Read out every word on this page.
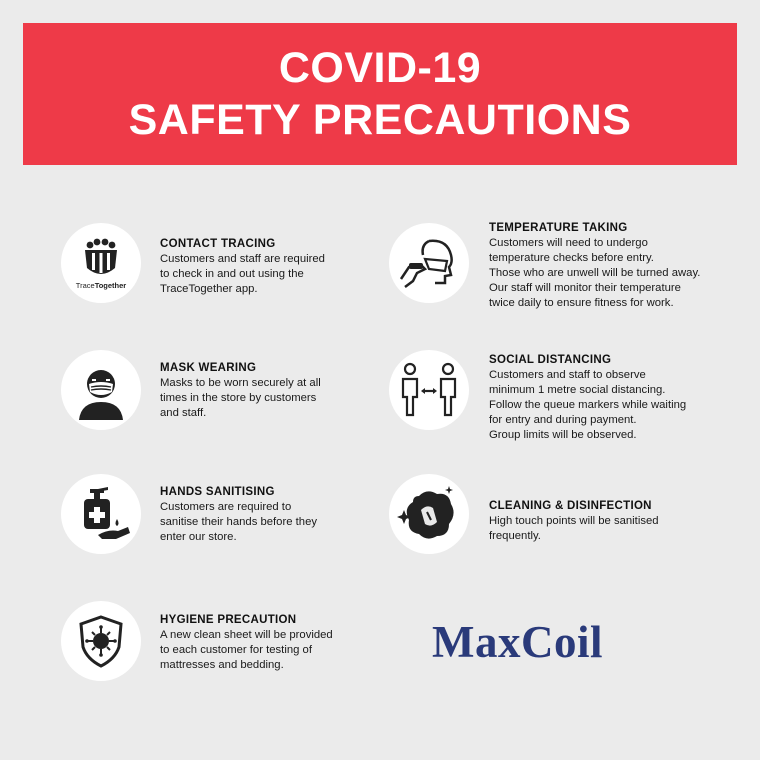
COVID-19
SAFETY PRECAUTIONS
TraceTogether
CONTACT TRACING
Customers and staff are required
to check in and out using the
TraceTogether app.
MASK WEARING
Masks to be worn securely at all
times in the store by customers
and staff.
HANDS SANITISING
Customers are required to
sanitise their hands before they
enter our store.
HYGIENE PRECAUTION
A new clean sheet will be provided
to each customer for testing of
mattresses and bedding.
TEMPERATURE TAKING
Customers will need to undergo
temperature checks before entry.
Those who are unwell will be turned away.
Our staff will monitor their temperature
twice daily to ensure fitness for work.
SOCIAL DISTANCING
Customers and staff to observe
minimum 1 metre social distancing.
Follow the queue markers while waiting
for entry and during payment.
Group limits will be observed.
CLEANING & DISINFECTION
High touch points will be sanitised
frequently.
MaxCoil
